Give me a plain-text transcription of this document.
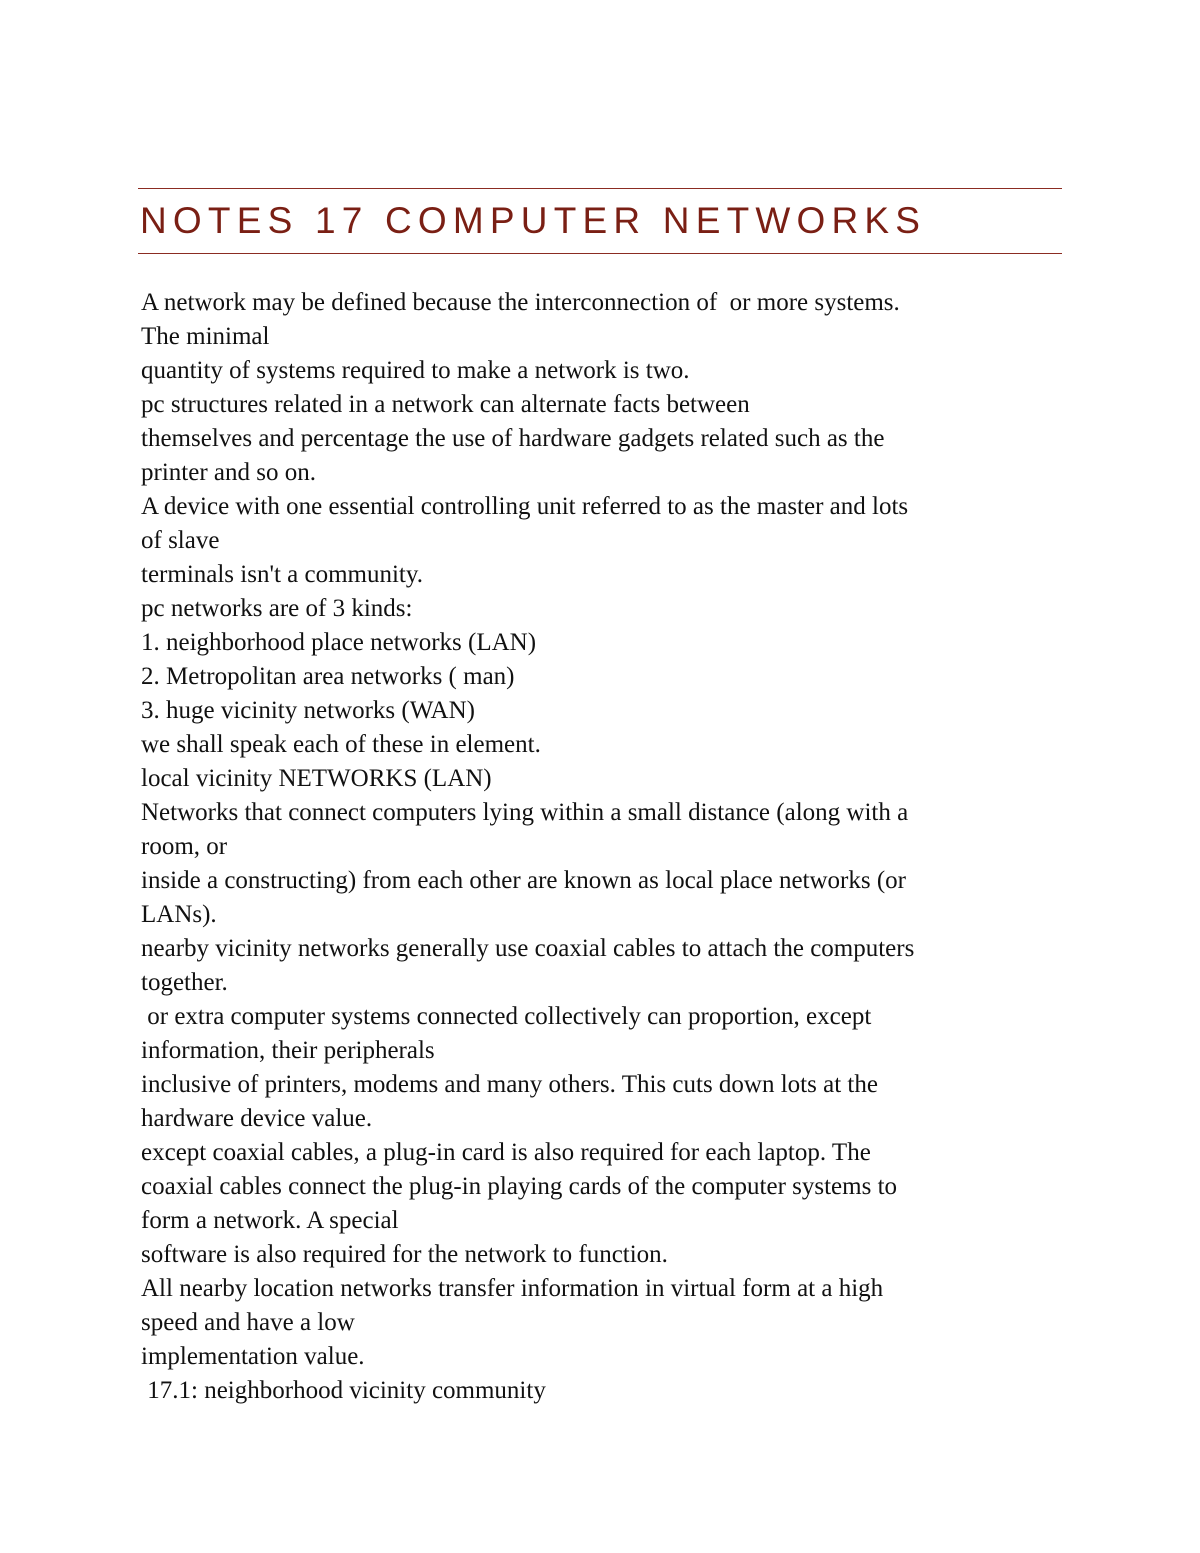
NOTES 17 COMPUTER NETWORKS
A network may be defined because the interconnection of  or more systems.
The minimal
quantity of systems required to make a network is two.
pc structures related in a network can alternate facts between
themselves and percentage the use of hardware gadgets related such as the
printer and so on.
A device with one essential controlling unit referred to as the master and lots
of slave
terminals isn't a community.
pc networks are of 3 kinds:
1. neighborhood place networks (LAN)
2. Metropolitan area networks ( man)
3. huge vicinity networks (WAN)
we shall speak each of these in element.
local vicinity NETWORKS (LAN)
Networks that connect computers lying within a small distance (along with a
room, or
inside a constructing) from each other are known as local place networks (or
LANs).
nearby vicinity networks generally use coaxial cables to attach the computers
together.
or extra computer systems connected collectively can proportion, except
information, their peripherals
inclusive of printers, modems and many others. This cuts down lots at the
hardware device value.
except coaxial cables, a plug-in card is also required for each laptop. The
coaxial cables connect the plug-in playing cards of the computer systems to
form a network. A special
software is also required for the network to function.
All nearby location networks transfer information in virtual form at a high
speed and have a low
implementation value.
17.1: neighborhood vicinity community
